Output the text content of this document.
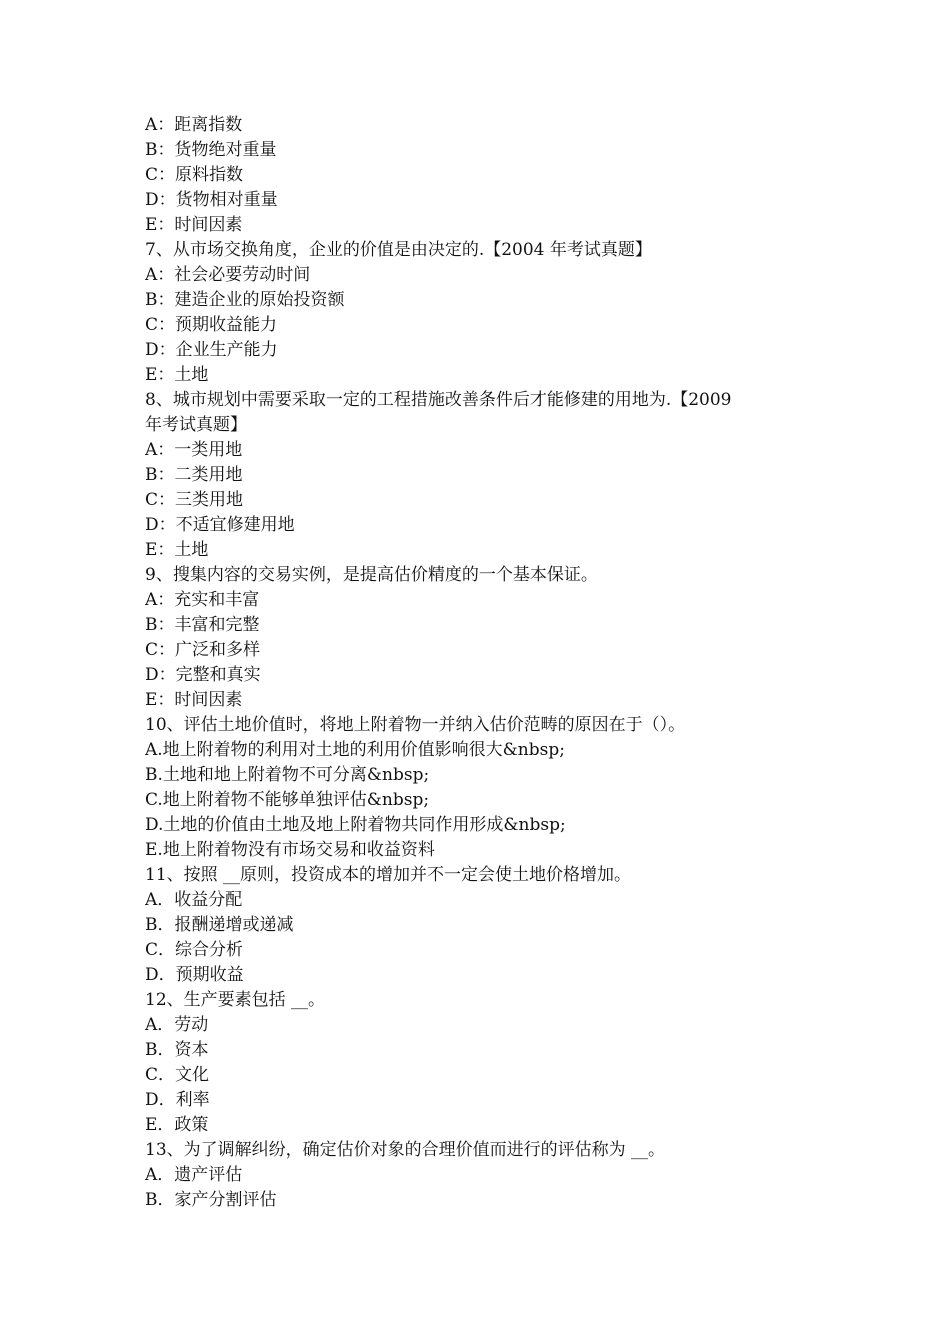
A：距离指数
B：货物绝对重量
C：原料指数
D：货物相对重量
E：时间因素
7、从市场交换角度，企业的价值是由决定的.【2004 年考试真题】
A：社会必要劳动时间
B：建造企业的原始投资额
C：预期收益能力
D：企业生产能力
E：土地
8、城市规划中需要采取一定的工程措施改善条件后才能修建的用地为.【2009
年考试真题】
A：一类用地
B：二类用地
C：三类用地
D：不适宜修建用地
E：土地
9、搜集内容的交易实例，是提高估价精度的一个基本保证。
A：充实和丰富
B：丰富和完整
C：广泛和多样
D：完整和真实
E：时间因素
10、评估土地价值时，将地上附着物一并纳入估价范畴的原因在于（）。
A.地上附着物的利用对土地的利用价值影响很大&nbsp;
B.土地和地上附着物不可分离&nbsp;
C.地上附着物不能够单独评估&nbsp;
D.土地的价值由土地及地上附着物共同作用形成&nbsp;
E.地上附着物没有市场交易和收益资料
11、按照 __原则，投资成本的增加并不一定会使土地价格增加。
A．收益分配
B．报酬递增或递减
C．综合分析
D．预期收益
12、生产要素包括 __。
A．劳动
B．资本
C．文化
D．利率
E．政策
13、为了调解纠纷，确定估价对象的合理价值而进行的评估称为 __。
A．遗产评估
B．家产分割评估
